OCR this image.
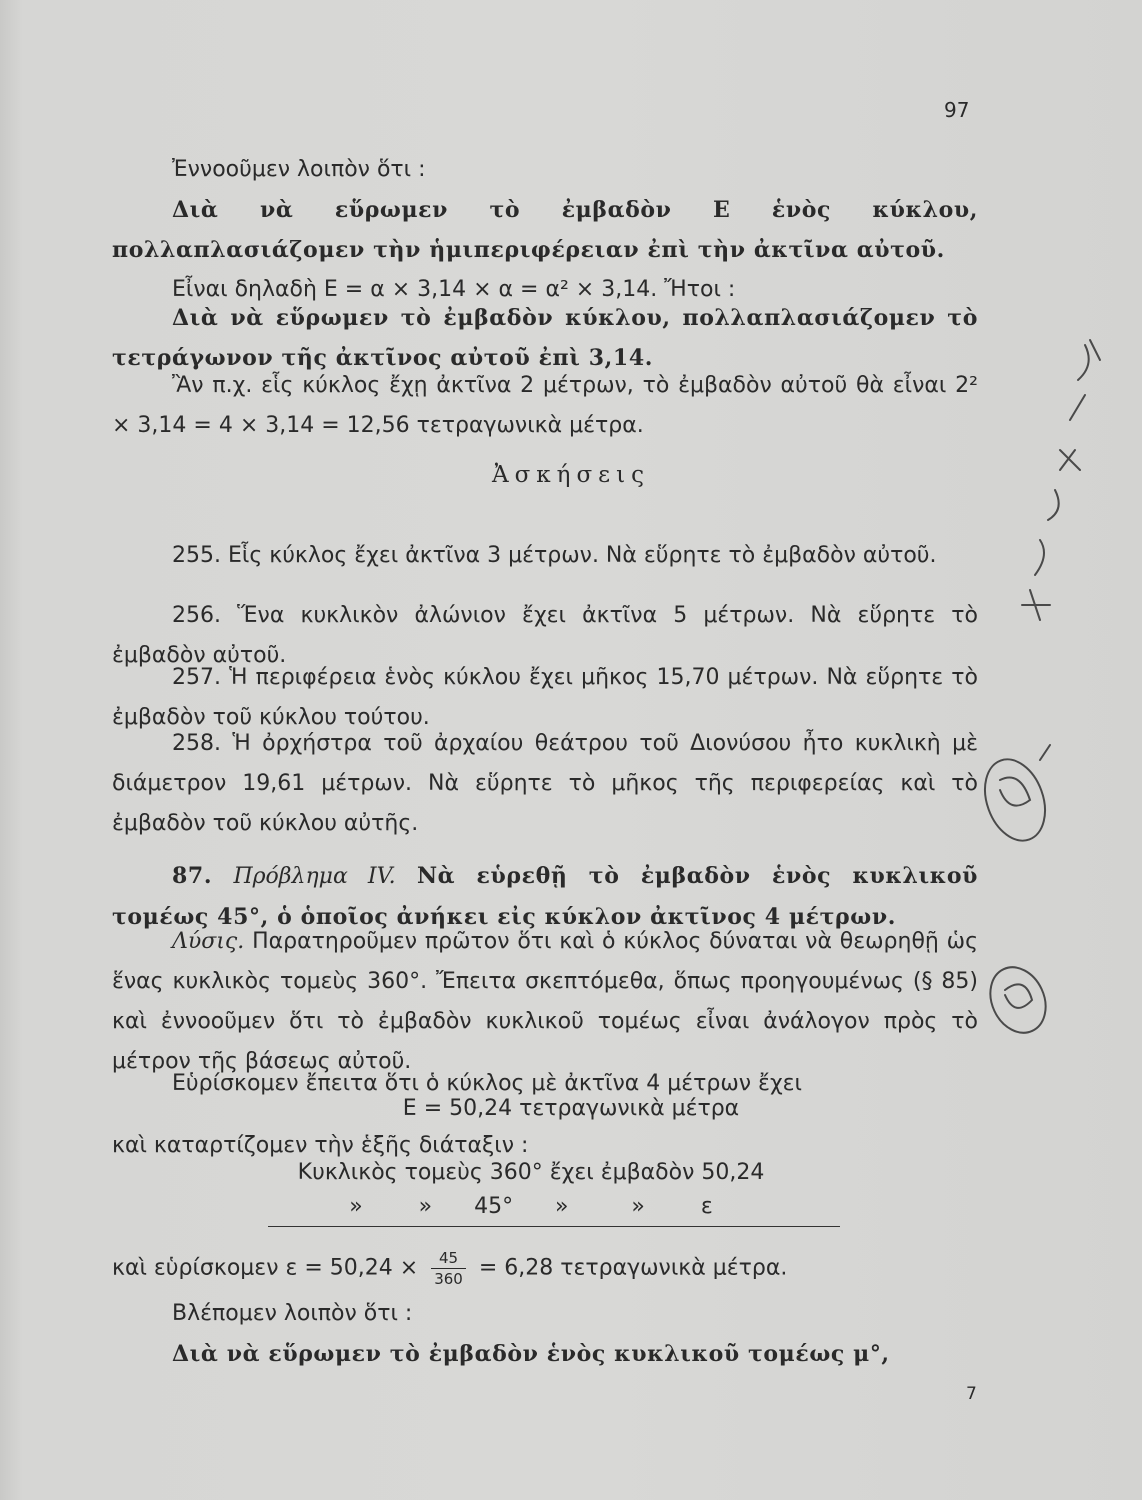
97
Ἐννοοῦμεν λοιπὸν ὅτι :
Διὰ νὰ εὕρωμεν τὸ ἐμβαδὸν Ε ἑνὸς κύκλου, πολλαπλασιάζομεν τὴν ἡμιπεριφέρειαν ἐπὶ τὴν ἀκτῖνα αὐτοῦ.
Εἶναι δηλαδὴ Ε = α × 3,14 × α = α² × 3,14. Ἤτοι :
Διὰ νὰ εὕρωμεν τὸ ἐμβαδὸν κύκλου, πολλαπλασιάζομεν τὸ τετράγωνον τῆς ἀκτῖνος αὐτοῦ ἐπὶ 3,14.
Ἂν π.χ. εἷς κύκλος ἔχῃ ἀκτῖνα 2 μέτρων, τὸ ἐμβαδὸν αὐτοῦ θὰ εἶναι 2² × 3,14 = 4 × 3,14 = 12,56 τετραγωνικὰ μέτρα.
Ἀσκήσεις
255. Εἷς κύκλος ἔχει ἀκτῖνα 3 μέτρων. Νὰ εὕρητε τὸ ἐμβαδὸν αὐτοῦ.
256. Ἕνα κυκλικὸν ἀλώνιον ἔχει ἀκτῖνα 5 μέτρων. Νὰ εὕρητε τὸ ἐμβαδὸν αὐτοῦ.
257. Ἡ περιφέρεια ἑνὸς κύκλου ἔχει μῆκος 15,70 μέτρων. Νὰ εὕρητε τὸ ἐμβαδὸν τοῦ κύκλου τούτου.
258. Ἡ ὀρχήστρα τοῦ ἀρχαίου θεάτρου τοῦ Διονύσου ἦτο κυκλικὴ μὲ διάμετρον 19,61 μέτρων. Νὰ εὕρητε τὸ μῆκος τῆς περιφερείας καὶ τὸ ἐμβαδὸν τοῦ κύκλου αὐτῆς.
87. Πρόβλημα IV. Νὰ εὑρεθῇ τὸ ἐμβαδὸν ἑνὸς κυκλικοῦ τομέως 45°, ὁ ὁποῖος ἀνήκει εἰς κύκλον ἀκτῖνος 4 μέτρων.
Λύσις. Παρατηροῦμεν πρῶτον ὅτι καὶ ὁ κύκλος δύναται νὰ θεωρηθῇ ὡς ἕνας κυκλικὸς τομεὺς 360°. Ἔπειτα σκεπτόμεθα, ὅπως προηγουμένως (§ 85) καὶ ἐννοοῦμεν ὅτι τὸ ἐμβαδὸν κυκλικοῦ τομέως εἶναι ἀνάλογον πρὸς τὸ μέτρον τῆς βάσεως αὐτοῦ.
Εὑρίσκομεν ἔπειτα ὅτι ὁ κύκλος μὲ ἀκτῖνα 4 μέτρων ἔχει
Ε = 50,24 τετραγωνικὰ μέτρα
καὶ καταρτίζομεν τὴν ἑξῆς διάταξιν :
Κυκλικὸς τομεὺς 360° ἔχει ἐμβαδὸν 50,24
»        »      45°      »         »        ε
καὶ εὑρίσκομεν $\varepsilon = 50,24 \times \frac{45}{360} = 6,28$ τετραγωνικὰ μέτρα.
Βλέπομεν λοιπὸν ὅτι :
Διὰ νὰ εὕρωμεν τὸ ἐμβαδὸν ἑνὸς κυκλικοῦ τομέως μ°,
7
